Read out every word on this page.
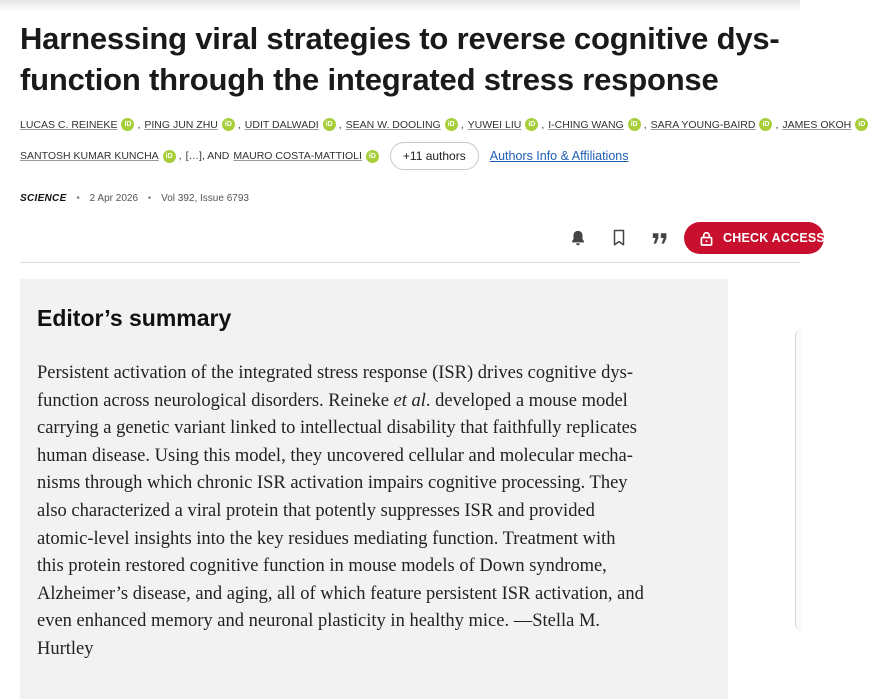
Harnessing viral strategies to reverse cognitive dys-
function through the integrated stress response
LUCAS C. REINEKE	iD , PING JUN ZHU	iD , UDIT DALWADI	iD , SEAN W. DOOLING	iD , YUWEI LIU	iD , I-CHING WANG	iD , SARA YOUNG-BAIRD	iD , JAMES OKOH	iD
SANTOSH KUMAR KUNCHA	iD , […] , AND MAURO COSTA-MATTIOLI	iD	+11 authors	Authors Info & Affiliations
SCIENCE • 2 Apr 2026 • Vol 392, Issue 6793
CHECK ACCESS
Editor’s summary
Persistent activation of the integrated stress response (ISR) drives cognitive dys-
function across neurological disorders. Reineke et al. developed a mouse model
carrying a genetic variant linked to intellectual disability that faithfully replicates
human disease. Using this model, they uncovered cellular and molecular mecha-
nisms through which chronic ISR activation impairs cognitive processing. They
also characterized a viral protein that potently suppresses ISR and provided
atomic-level insights into the key residues mediating function. Treatment with
this protein restored cognitive function in mouse models of Down syndrome,
Alzheimer’s disease, and aging, all of which feature persistent ISR activation, and
even enhanced memory and neuronal plasticity in healthy mice. —Stella M.
Hurtley
